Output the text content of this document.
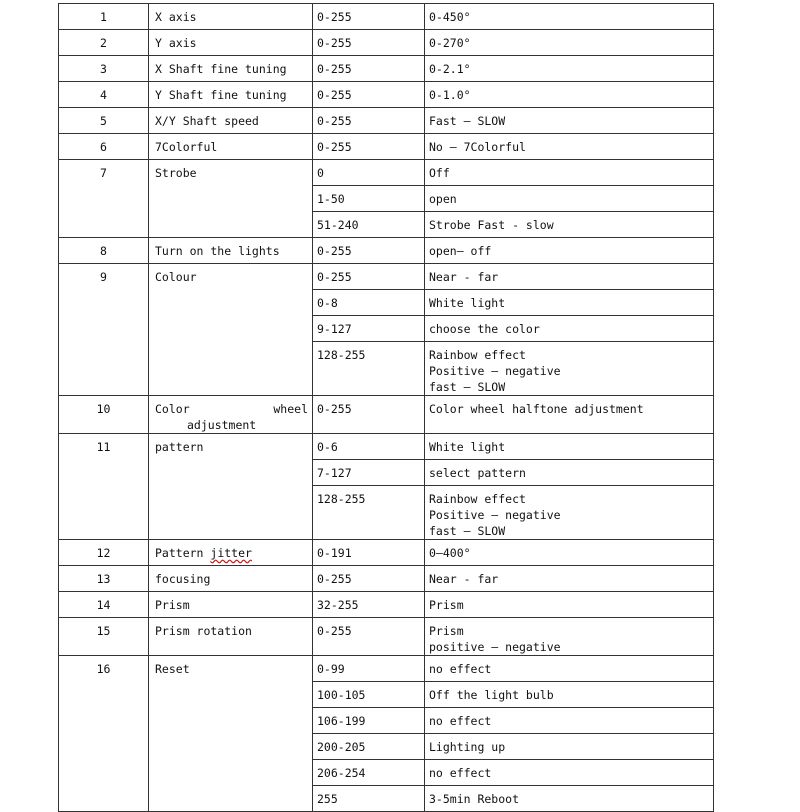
1	X axis	0-255	0-450°
2	Y axis	0-255	0-270°
3	X Shaft fine tuning	0-255	0-2.1°
4	Y Shaft fine tuning	0-255	0-1.0°
5	X/Y Shaft speed	0-255	Fast — SLOW
6	7Colorful	0-255	No — 7Colorful
7	Strobe	0	Off
		1-50	open
		51-240	Strobe Fast - slow
8	Turn on the lights	0-255	open— off
9	Colour	0-255	Near - far
		0-8	White light
		9-127	choose the color
		128-255	Rainbow effect
Positive — negative
fast — SLOW
10	Color wheel
adjustment	0-255	Color wheel halftone adjustment
11	pattern	0-6	White light
		7-127	select pattern
		128-255	Rainbow effect
Positive — negative
fast — SLOW
12	Pattern jitter	0-191	0—400°
13	focusing	0-255	Near - far
14	Prism	32-255	Prism
15	Prism rotation	0-255	Prism
positive — negative
16	Reset	0-99	no effect
		100-105	Off the light bulb
		106-199	no effect
		200-205	Lighting up
		206-254	no effect
		255	3-5min Reboot
